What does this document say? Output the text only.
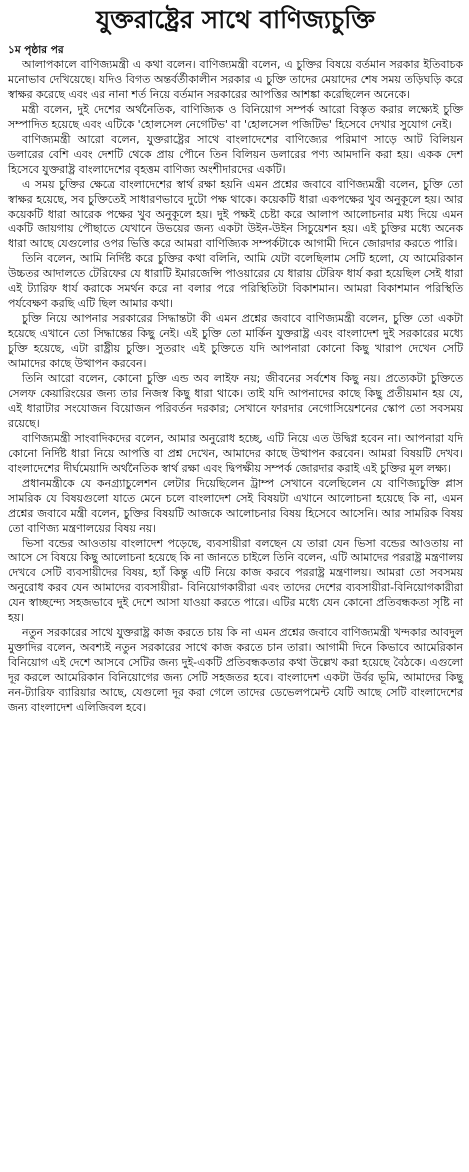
যুক্তরাষ্ট্রের সাথে বাণিজ্যচুক্তি
১ম পৃষ্ঠার পর

আলাপকালে বাণিজ্যমন্ত্রী এ কথা বলেন। বাণিজ্যমন্ত্রী বলেন, এ চুক্তির বিষয়ে বর্তমান সরকার ইতিবাচক মনোভাব দেখিয়েছে। যদিও বিগত অন্তর্বর্তীকালীন সরকার এ চুক্তি তাদের মেয়াদের শেষ সময় তড়িঘড়ি করে স্বাক্ষর করেছে এবং এর নানা শর্ত নিয়ে বর্তমান সরকারের আপত্তির আশঙ্কা করেছিলেন অনেকে।

মন্ত্রী বলেন, দুই দেশের অর্থনৈতিক, বাণিজ্যিক ও বিনিয়োগ সম্পর্ক আরো বিস্তৃত করার লক্ষ্যেই চুক্তি সম্পাদিত হয়েছে এবং এটিকে 'হোলসেল নেগেটিভ' বা 'হোলসেল পজিটিভ' হিসেবে দেখার সুযোগ নেই।

বাণিজ্যমন্ত্রী আরো বলেন, যুক্তরাষ্ট্রের সাথে বাংলাদেশের বাণিজ্যের পরিমাণ সাড়ে আট বিলিয়ন ডলারের বেশি এবং দেশটি থেকে প্রায় পৌনে তিন বিলিয়ন ডলারের পণ্য আমদানি করা হয়। একক দেশ হিসেবে যুক্তরাষ্ট্র বাংলাদেশের বৃহত্তম বাণিজ্য অংশীদারদের একটি।

এ সময় চুক্তির ক্ষেত্রে বাংলাদেশের স্বার্থ রক্ষা হয়নি এমন প্রশ্নের জবাবে বাণিজ্যমন্ত্রী বলেন, চুক্তি তো স্বাক্ষর হয়েছে, সব চুক্তিতেই সাধারণভাবে দুটো পক্ষ থাকে। কয়েকটি ধারা একপক্ষের খুব অনুকূলে হয়। আর কয়েকটি ধারা আরেক পক্ষের খুব অনুকূলে হয়। দুই পক্ষই চেষ্টা করে আলাপ আলোচনার মধ্য দিয়ে এমন একটি জায়গায় পৌছাতে যেখানে উভয়ের জন্য একটা উইন-উইন সিচুয়েশন হয়। এই চুক্তির মধ্যে অনেক ধারা আছে যেগুলোর ওপর ভিত্তি করে আমরা বাণিজ্যিক সম্পর্কটাকে আগামী দিনে জোরদার করতে পারি।

তিনি বলেন, আমি নির্দিষ্ট করে চুক্তির কথা বলিনি, আমি যেটা বলেছিলাম সেটি হলো, যে আমেরিকান উচ্চতর আদালতে টেরিফের যে ধারাটি ইমারজেন্সি পাওয়ারের যে ধারায় টেরিফ ধার্য করা হয়েছিল সেই ধারা এই ট্যারিফ ধার্য করাকে সমর্থন করে না বলার পরে পরিস্থিতিটা বিকাশমান। আমরা বিকাশমান পরিস্থিতি পর্যবেক্ষণ করছি এটি ছিল আমার কথা।

চুক্তি নিয়ে আপনার সরকারের সিদ্ধান্তটা কী এমন প্রশ্নের জবাবে বাণিজ্যমন্ত্রী বলেন, চুক্তি তো একটা হয়েছে এখানে তো সিদ্ধান্তের কিছু নেই। এই চুক্তি তো মার্কিন যুক্তরাষ্ট্র এবং বাংলাদেশ দুই সরকারের মধ্যে চুক্তি হয়েছে, এটা রাষ্ট্রীয় চুক্তি। সুতরাং এই চুক্তিতে যদি আপনারা কোনো কিছু খারাপ দেখেন সেটি আমাদের কাছে উত্থাপন করবেন।

তিনি আরো বলেন, কোনো চুক্তি এন্ড অব লাইফ নয়; জীবনের সর্বশেষ কিছু নয়। প্রত্যেকটা চুক্তিতে সেলফ কেয়ারিংয়ের জন্য তার নিজস্ব কিছু ধারা থাকে। তাই যদি আপনাদের কাছে কিছু প্রতীয়মান হয় যে, এই ধারাটার সংযোজন বিয়োজন পরিবর্তন দরকার; সেখানে ফারদার নেগোসিয়েশনের স্কোপ তো সবসময় রয়েছে।

বাণিজ্যমন্ত্রী সাংবাদিকদের বলেন, আমার অনুরোধ হচ্ছে, এটি নিয়ে এত উদ্বিগ্ন হবেন না। আপনারা যদি কোনো নির্দিষ্ট ধারা নিয়ে আপত্তি বা প্রশ্ন দেখেন, আমাদের কাছে উত্থাপন করবেন। আমরা বিষয়টি দেখব। বাংলাদেশের দীর্ঘমেয়াদি অর্থনৈতিক স্বার্থ রক্ষা এবং দ্বিপক্ষীয় সম্পর্ক জোরদার করাই এই চুক্তির মূল লক্ষ্য।

প্রধানমন্ত্রীকে যে কনগ্র্যাচুলেশন লেটার দিয়েছিলেন ট্রাম্প সেখানে বলেছিলেন যে বাণিজ্যচুক্তি প্লাস সামরিক যে বিষয়গুলো যাতে মেনে চলে বাংলাদেশ সেই বিষয়টা এখানে আলোচনা হয়েছে কি না, এমন প্রশ্নের জবাবে মন্ত্রী বলেন, চুক্তির বিষয়টি আজকে আলোচনার বিষয় হিসেবে আসেনি। আর সামরিক বিষয় তো বাণিজ্য মন্ত্রণালয়ের বিষয় নয়।

ভিসা বন্ডের আওতায় বাংলাদেশ পড়েছে, ব্যবসায়ীরা বলছেন যে তারা যেন ভিসা বন্ডের আওতায় না আসে সে বিষয়ে কিছু আলোচনা হয়েছে কি না জানতে চাইলে তিনি বলেন, এটি আমাদের পররাষ্ট্র মন্ত্রণালয় দেখবে সেটি ব্যবসায়ীদের বিষয়, হ্যাঁ কিন্তু এটি নিয়ে কাজ করবে পররাষ্ট্র মন্ত্রণালয়। আমরা তো সবসময় অনুরোধ করব যেন আমাদের ব্যবসায়ীরা- বিনিয়োগকারীরা এবং তাদের দেশের ব্যবসায়ীরা-বিনিয়োগকারীরা যেন স্বাচ্ছন্দ্যে সহজভাবে দুই দেশে আসা যাওয়া করতে পারে। এটির মধ্যে যেন কোনো প্রতিবন্ধকতা সৃষ্টি না হয়।

নতুন সরকারের সাথে যুক্তরাষ্ট্র কাজ করতে চায় কি না এমন প্রশ্নের জবাবে বাণিজ্যমন্ত্রী খন্দকার আবদুল মুক্তাদির বলেন, অবশ্যই নতুন সরকারের সাথে কাজ করতে চান তারা। আগামী দিনে কিভাবে আমেরিকান বিনিয়োগ এই দেশে আসবে সেটির জন্য দুই-একটি প্রতিবন্ধকতার কথা উল্লেখ করা হয়েছে বৈঠকে। এগুলো দূর করলে আমেরিকান বিনিয়োগের জন্য সেটি সহজতর হবে। বাংলাদেশ একটা উর্বর ভূমি, আমাদের কিছু নন-ট্যারিফ ব্যারিয়ার আছে, যেগুলো দূর করা গেলে তাদের ডেভেলপমেন্ট যেটি আছে সেটি বাংলাদেশের জন্য বাংলাদেশ এলিজিবল হবে।
